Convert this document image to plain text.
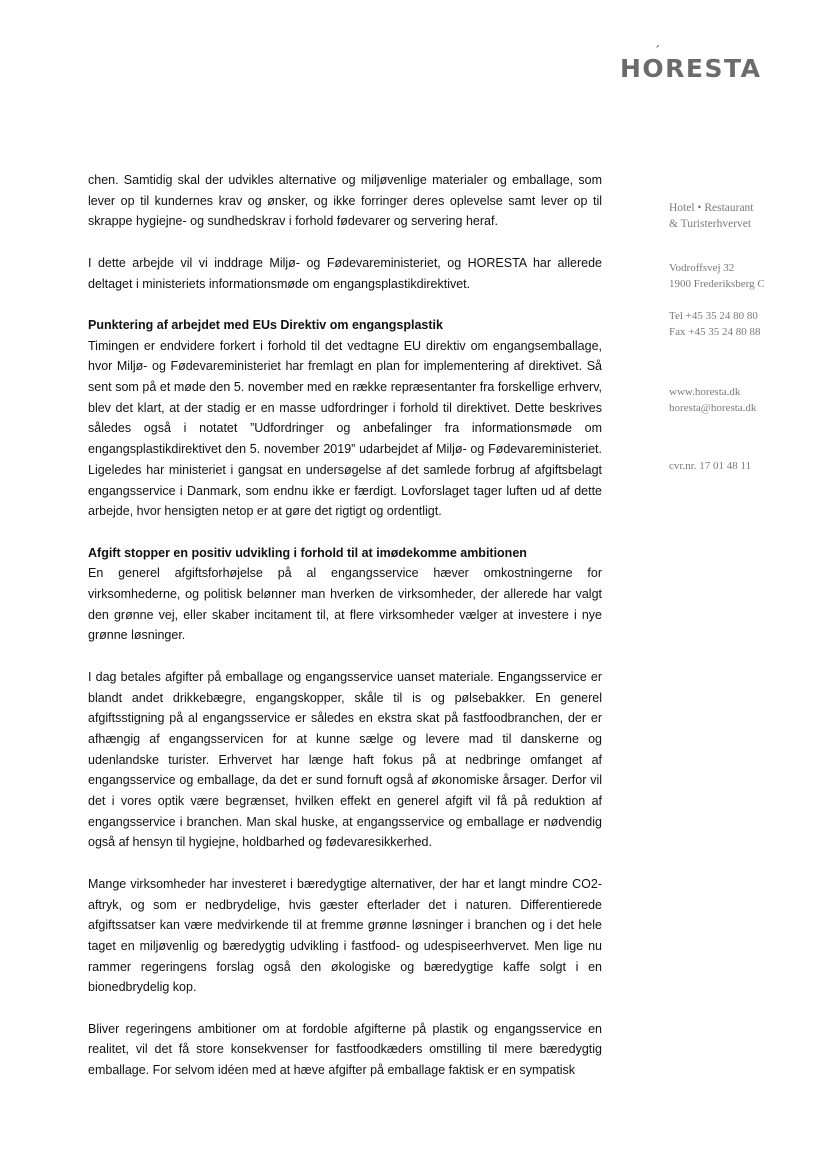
´
HORESTA

chen. Samtidig skal der udvikles alternative og miljøvenlige materialer og emballage, som lever op til kundernes krav og ønsker, og ikke forringer deres oplevelse samt lever op til skrappe hygiejne- og sundhedskrav i forhold fødevarer og servering heraf.

I dette arbejde vil vi inddrage Miljø- og Fødevareministeriet, og HORESTA har allerede deltaget i ministeriets informationsmøde om engangsplastikdirektivet.

Punktering af arbejdet med EUs Direktiv om engangsplastik

Timingen er endvidere forkert i forhold til det vedtagne EU direktiv om engangsemballage, hvor Miljø- og Fødevareministeriet har fremlagt en plan for implementering af direktivet. Så sent som på et møde den 5. november med en række repræsentanter fra forskellige erhverv, blev det klart, at der stadig er en masse udfordringer i forhold til direktivet. Dette beskrives således også i notatet ”Udfordringer og anbefalinger fra informationsmøde om engangsplastikdirektivet den 5. november 2019” udarbejdet af Miljø- og Fødevareministeriet. Ligeledes har ministeriet i gangsat en undersøgelse af det samlede forbrug af afgiftsbelagt engangsservice i Danmark, som endnu ikke er færdigt. Lovforslaget tager luften ud af dette arbejde, hvor hensigten netop er at gøre det rigtigt og ordentligt.

Afgift stopper en positiv udvikling i forhold til at imødekomme ambitionen

En generel afgiftsforhøjelse på al engangsservice hæver omkostningerne for virksomhederne, og politisk belønner man hverken de virksomheder, der allerede har valgt den grønne vej, eller skaber incitament til, at flere virksomheder vælger at investere i nye grønne løsninger.

I dag betales afgifter på emballage og engangsservice uanset materiale. Engangsservice er blandt andet drikkebægre, engangskopper, skåle til is og pølsebakker. En generel afgiftsstigning på al engangsservice er således en ekstra skat på fastfoodbranchen, der er afhængig af engangsservicen for at kunne sælge og levere mad til danskerne og udenlandske turister. Erhvervet har længe haft fokus på at nedbringe omfanget af engangsservice og emballage, da det er sund fornuft også af økonomiske årsager. Derfor vil det i vores optik være begrænset, hvilken effekt en generel afgift vil få på reduktion af engangsservice i branchen. Man skal huske, at engangsservice og emballage er nødvendig også af hensyn til hygiejne, holdbarhed og fødevaresikkerhed.

Mange virksomheder har investeret i bæredygtige alternativer, der har et langt mindre CO2-aftryk, og som er nedbrydelige, hvis gæster efterlader det i naturen. Differentierede afgiftssatser kan være medvirkende til at fremme grønne løsninger i branchen og i det hele taget en miljøvenlig og bæredygtig udvikling i fastfood- og udespiseerhvervet. Men lige nu rammer regeringens forslag også den økologiske og bæredygtige kaffe solgt i en bionedbrydelig kop.

Bliver regeringens ambitioner om at fordoble afgifterne på plastik og engangsservice en realitet, vil det få store konsekvenser for fastfoodkæders omstilling til mere bæredygtig emballage. For selvom idéen med at hæve afgifter på emballage faktisk er en sympatisk

Hotel • Restaurant
& Turisterhvervet
Vodroffsvej 32
1900 Frederiksberg C
Tel +45 35 24 80 80
Fax +45 35 24 80 88
www.horesta.dk
horesta@horesta.dk
cvr.nr. 17 01 48 11
